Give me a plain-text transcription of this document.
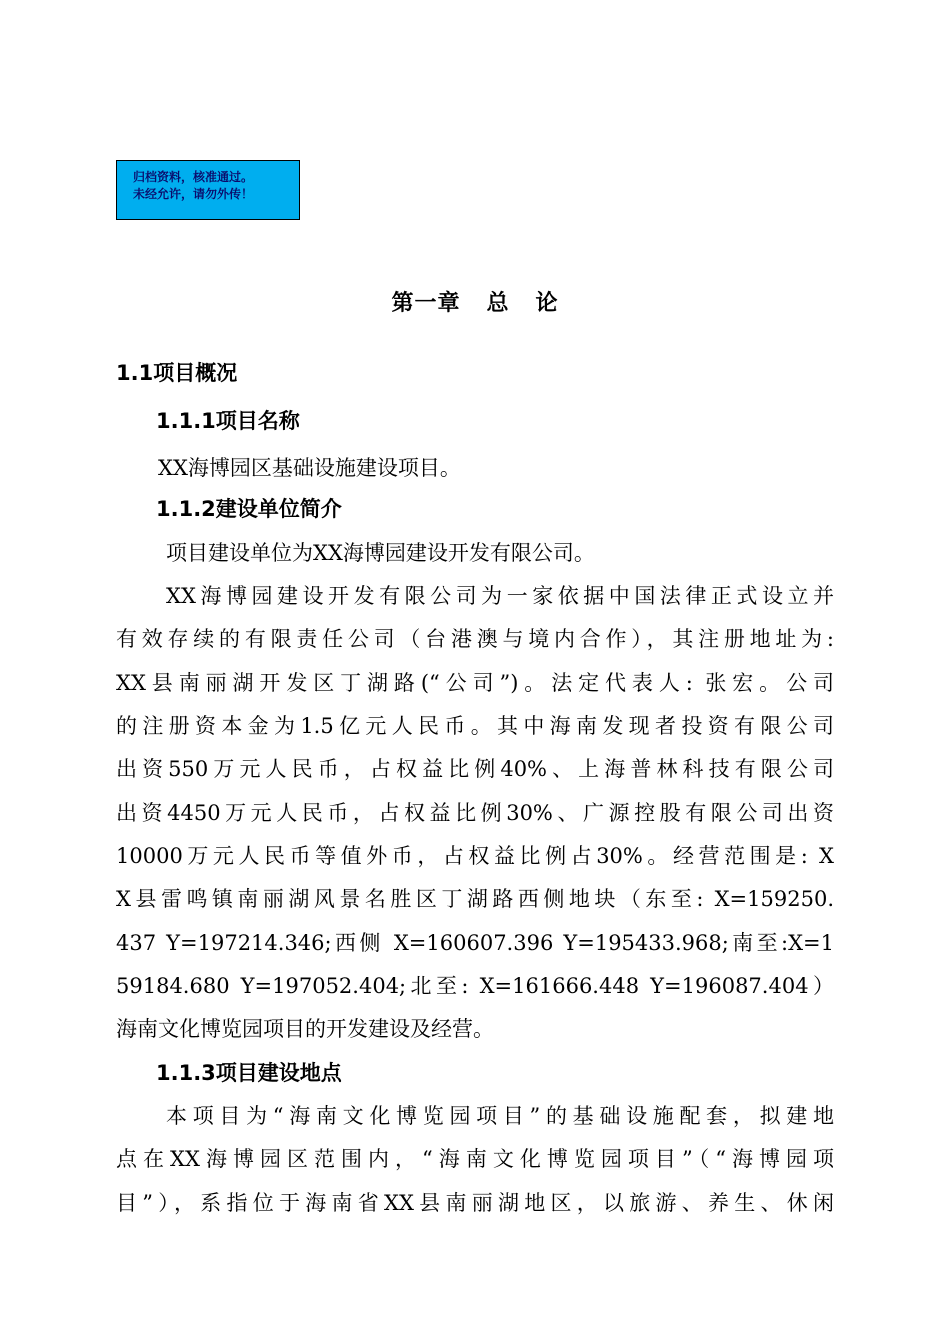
归档资料，核准通过。
未经允许，请勿外传！
第一章   总   论
1.1项目概况
1.1.1项目名称
XX海博园区基础设施建设项目。
1.1.2建设单位简介
项目建设单位为XX海博园建设开发有限公司。
XX海博园建设开发有限公司为一家依据中国法律正式设立并
有效存续的有限责任公司（台港澳与境内合作），其注册地址为:
XX县南丽湖开发区丁湖路(“公司”)。法定代表人: 张宏。公司
的注册资本金为1.5亿元人民币。其中海南发现者投资有限公司
出资550万元人民币，占权益比例40%、上海普林科技有限公司
出资4450万元人民币，占权益比例30%、广源控股有限公司出资
10000万元人民币等值外币，占权益比例占30%。经营范围是: X
X县雷鸣镇南丽湖风景名胜区丁湖路西侧地块（东至: X=159250.
437 Y=197214.346;西侧 X=160607.396 Y=195433.968;南至:X=1
59184.680 Y=197052.404;北至: X=161666.448 Y=196087.404）
海南文化博览园项目的开发建设及经营。
1.1.3项目建设地点
本项目为“海南文化博览园项目”的基础设施配套，拟建地
点在XX海博园区范围内，“海南文化博览园项目”（“海博园项
目”），系指位于海南省XX县南丽湖地区，以旅游、养生、休闲
